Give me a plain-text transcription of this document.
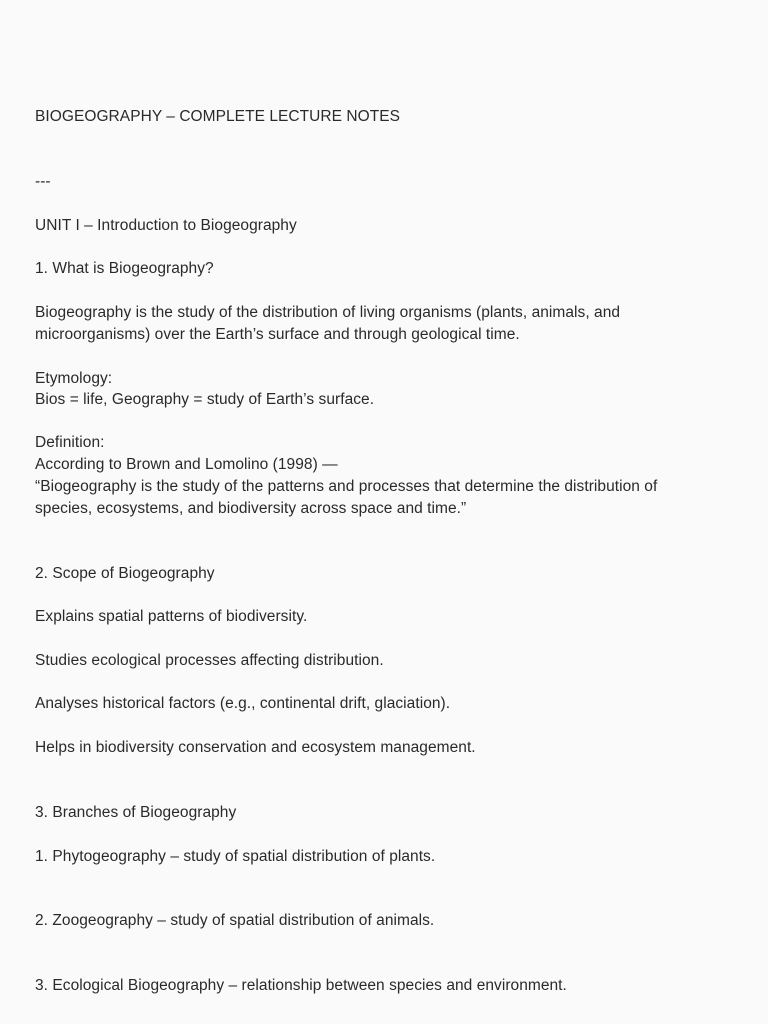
BIOGEOGRAPHY – COMPLETE LECTURE NOTES
---
UNIT I – Introduction to Biogeography
1. What is Biogeography?
Biogeography is the study of the distribution of living organisms (plants, animals, and
microorganisms) over the Earth’s surface and through geological time.
Etymology:
Bios = life, Geography = study of Earth’s surface.
Definition:
According to Brown and Lomolino (1998) —
“Biogeography is the study of the patterns and processes that determine the distribution of
species, ecosystems, and biodiversity across space and time.”
2. Scope of Biogeography
Explains spatial patterns of biodiversity.
Studies ecological processes affecting distribution.
Analyses historical factors (e.g., continental drift, glaciation).
Helps in biodiversity conservation and ecosystem management.
3. Branches of Biogeography
1. Phytogeography – study of spatial distribution of plants.
2. Zoogeography – study of spatial distribution of animals.
3. Ecological Biogeography – relationship between species and environment.
